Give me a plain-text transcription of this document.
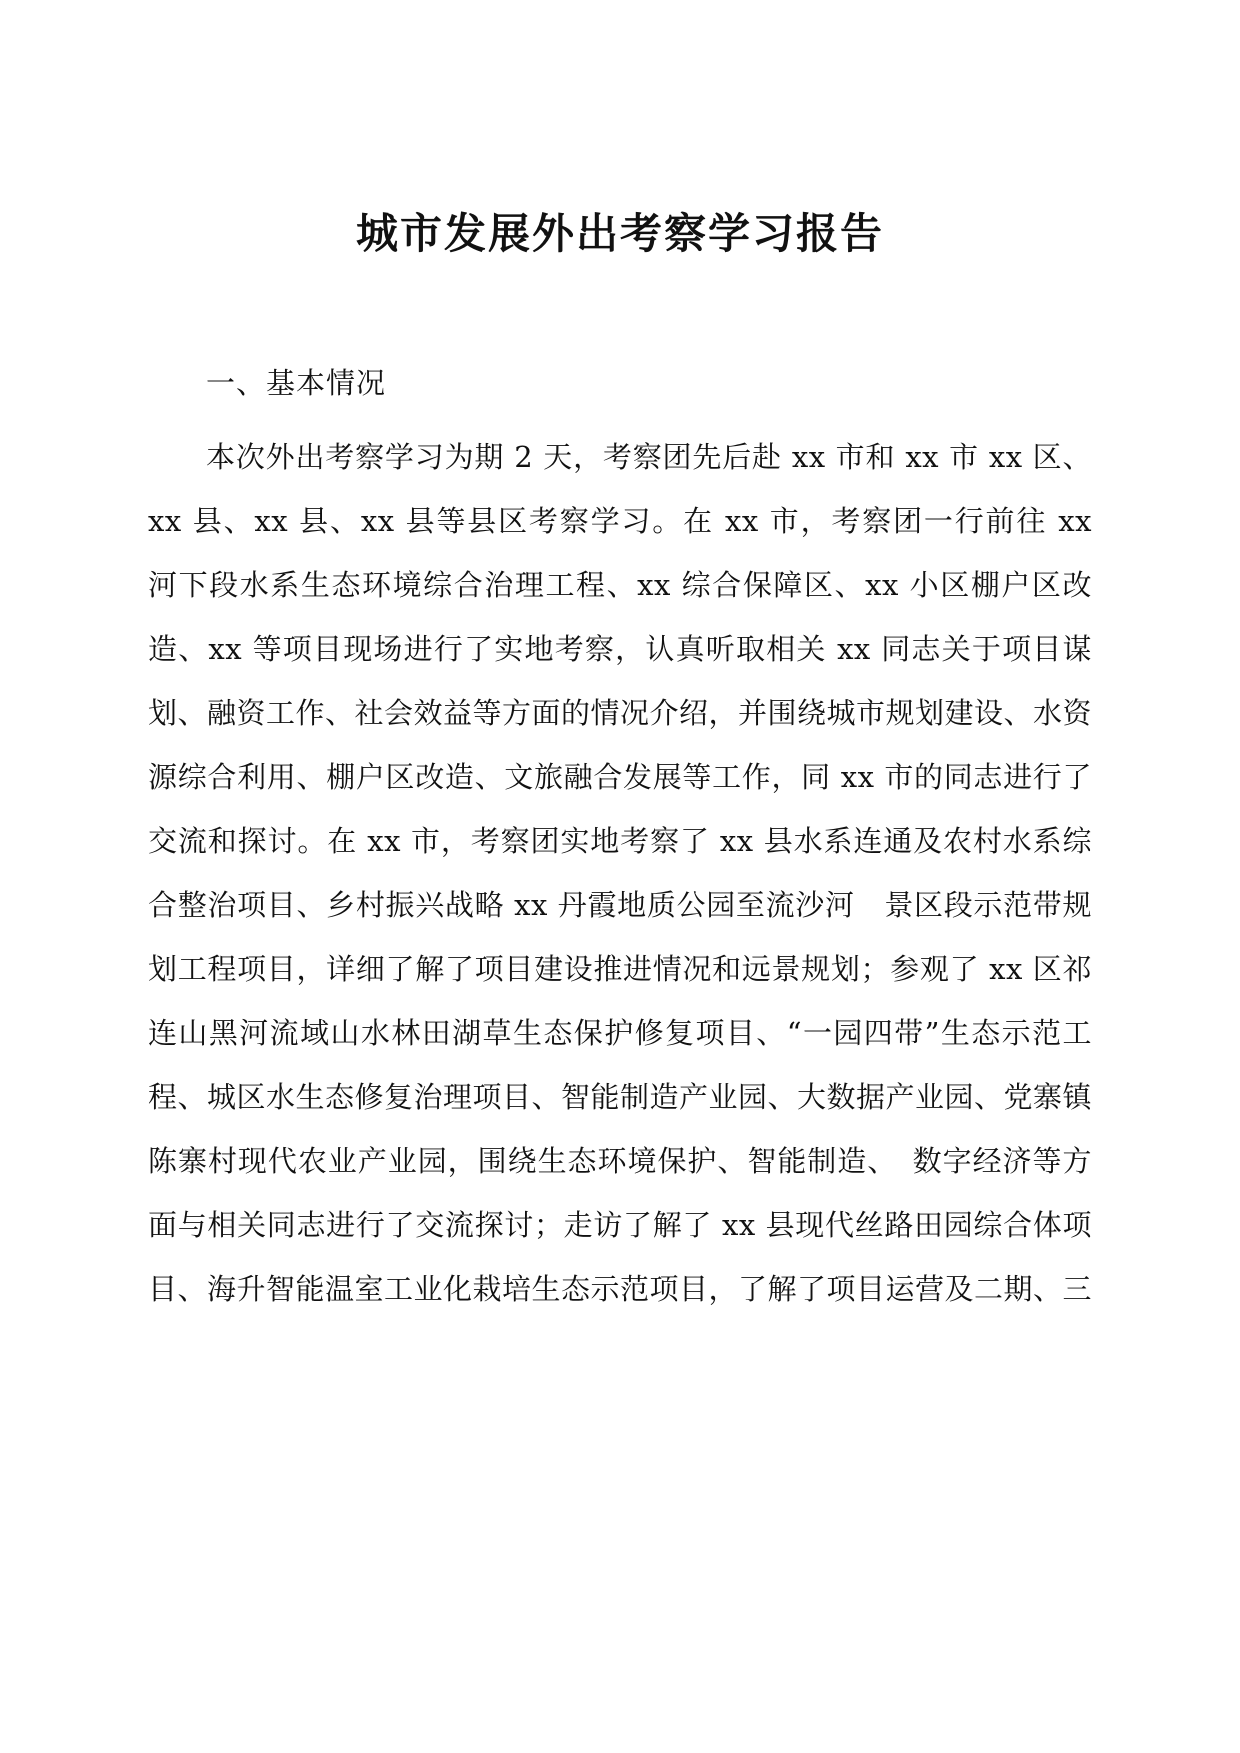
城市发展外出考察学习报告

一、基本情况

本次外出考察学习为期 2 天，考察团先后赴 xx 市和 xx 市 xx 区、xx 县、xx 县、xx 县等县区考察学习。在 xx 市，考察团一行前往 xx 河下段水系生态环境综合治理工程、xx 综合保障区、xx 小区棚户区改造、xx 等项目现场进行了实地考察，认真听取相关 xx 同志关于项目谋划、融资工作、社会效益等方面的情况介绍，并围绕城市规划建设、水资源综合利用、棚户区改造、文旅融合发展等工作，同 xx 市的同志进行了交流和探讨。在 xx 市，考察团实地考察了 xx 县水系连通及农村水系综合整治项目、乡村振兴战略 xx 丹霞地质公园至流沙河　景区段示范带规划工程项目，详细了解了项目建设推进情况和远景规划；参观了 xx 区祁连山黑河流域山水林田湖草生态保护修复项目、“一园四带”生态示范工程、城区水生态修复治理项目、智能制造产业园、大数据产业园、党寨镇陈寨村现代农业产业园，围绕生态环境保护、智能制造、　数字经济等方面与相关同志进行了交流探讨；走访了解了 xx 县现代丝路田园综合体项目、海升智能温室工业化栽培生态示范项目，了解了项目运营及二期、三
